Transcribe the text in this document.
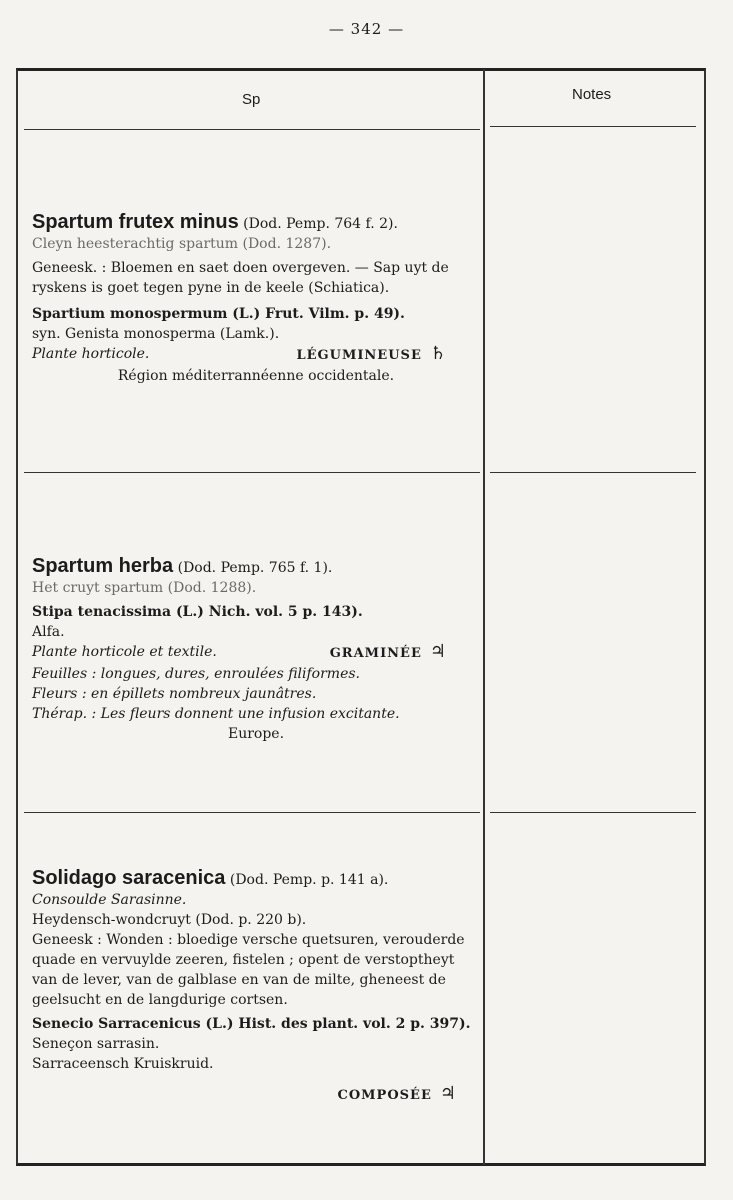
— 342 —
Sp	Notes
Spartum frutex minus (Dod. Pemp. 764 f. 2).
Cleyn heesterachtig spartum (Dod. 1287).
Geneesk. : Bloemen en saet doen overgeven. — Sap uyt de ryskens is goet tegen pyne in de keele (Schiatica).
Spartium monospermum (L.) Frut. Vilm. p. 49).
syn. Genista monosperma (Lamk.).
Plante horticole.	LÉGUMINEUSE ♄
Région méditerrannéenne occidentale.
Spartum herba (Dod. Pemp. 765 f. 1).
Het cruyt spartum (Dod. 1288).
Stipa tenacissima (L.) Nich. vol. 5 p. 143).
Alfa.
Plante horticole et textile.	GRAMINÉE ♃
Feuilles : longues, dures, enroulées filiformes.
Fleurs : en épillets nombreux jaunâtres.
Thérap. : Les fleurs donnent une infusion excitante.
Europe.
Solidago saracenica (Dod. Pemp. p. 141 a).
Consoulde Sarasinne.
Heydensch-wondcruyt (Dod. p. 220 b).
Geneesk : Wonden : bloedige versche quetsuren, verouderde quade en vervuylde zeeren, fistelen ; opent de verstoptheyt van de lever, van de galblase en van de milte, gheneest de geelsucht en de langdurige cortsen.
Senecio Sarracenicus (L.) Hist. des plant. vol. 2 p. 397).
Seneçon sarrasin.
Sarraceensch Kruiskruid.
COMPOSÉE ♃
